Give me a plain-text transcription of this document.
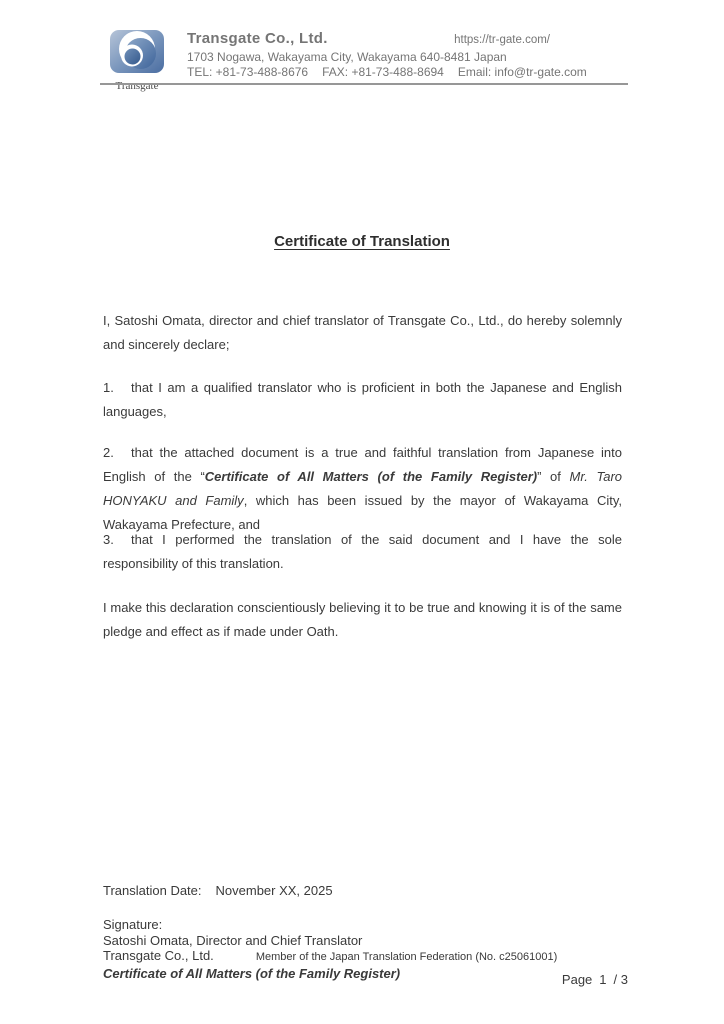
Transgate
Transgate Co., Ltd.	https://tr-gate.com/
1703 Nogawa, Wakayama City, Wakayama 640-8481 Japan
TEL: +81-73-488-8676 FAX: +81-73-488-8694 Email: info@tr-gate.com
Certificate of Translation

I, Satoshi Omata, director and chief translator of Transgate Co., Ltd., do hereby solemnly and sincerely declare;

1. that I am a qualified translator who is proficient in both the Japanese and English languages,

2. that the attached document is a true and faithful translation from Japanese into English of the “Certificate of All Matters (of the Family Register)” of Mr. Taro HONYAKU and Family, which has been issued by the mayor of Wakayama City, Wakayama Prefecture, and

3. that I performed the translation of the said document and I have the sole responsibility of this translation.

I make this declaration conscientiously believing it to be true and knowing it is of the same pledge and effect as if made under Oath.

Translation Date: November XX, 2025
Signature:
Satoshi Omata, Director and Chief Translator
Transgate Co., Ltd.	Member of the Japan Translation Federation (No. c25061001)
Certificate of All Matters (of the Family Register)	Page 1 / 3
